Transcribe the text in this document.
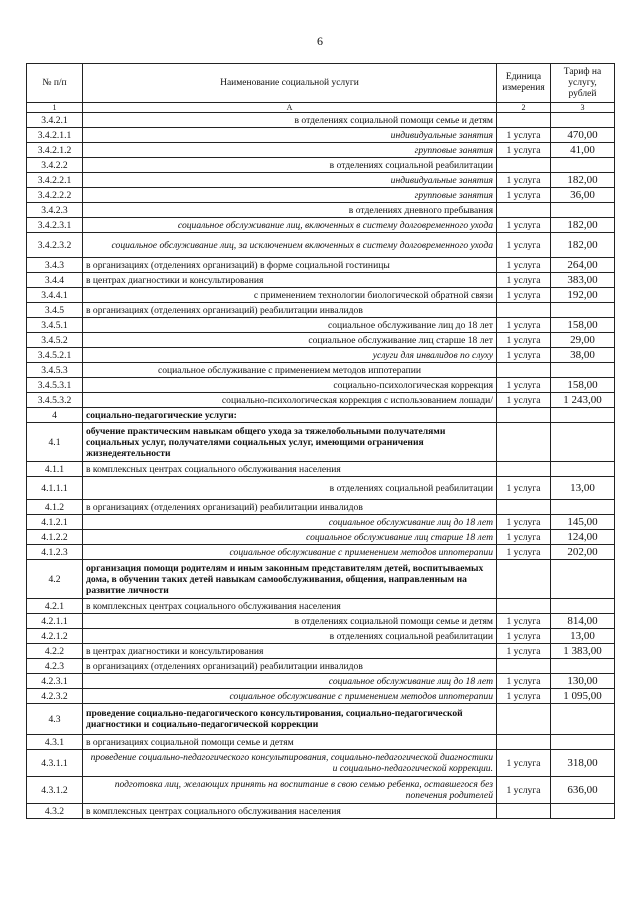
6
№ п/п	Наименование социальной услуги	Единица измерения	Тариф на услугу, рублей
1	А	2	3
3.4.2.1	в отделениях социальной помощи семье и детям		
3.4.2.1.1	индивидуальные занятия	1 услуга	470,00
3.4.2.1.2	групповые занятия	1 услуга	41,00
3.4.2.2	в отделениях социальной реабилитации		
3.4.2.2.1	индивидуальные занятия	1 услуга	182,00
3.4.2.2.2	групповые занятия	1 услуга	36,00
3.4.2.3	в отделениях дневного пребывания		
3.4.2.3.1	социальное обслуживание лиц, включенных в систему долговременного ухода	1 услуга	182,00
3.4.2.3.2	социальное обслуживание лиц, за исключением включенных в систему долговременного ухода	1 услуга	182,00
3.4.3	в организациях (отделениях организаций) в форме социальной гостиницы	1 услуга	264,00
3.4.4	в центрах диагностики и консультирования	1 услуга	383,00
3.4.4.1	с применением технологии биологической обратной связи	1 услуга	192,00
3.4.5	в организациях (отделениях организаций) реабилитации инвалидов		
3.4.5.1	социальное обслуживание лиц до 18 лет	1 услуга	158,00
3.4.5.2	социальное обслуживание лиц старше 18 лет	1 услуга	29,00
3.4.5.2.1	услуги для инвалидов по слуху	1 услуга	38,00
3.4.5.3	социальное обслуживание с применением методов иппотерапии		
3.4.5.3.1	социально-психологическая коррекция	1 услуга	158,00
3.4.5.3.2	социально-психологическая коррекция с использованием лошади/	1 услуга	1 243,00
4	социально-педагогические услуги:		
4.1	обучение практическим навыкам общего ухода за тяжелобольными получателями социальных услуг, получателями социальных услуг, имеющими ограничения жизнедеятельности		
4.1.1	в комплексных центрах социального обслуживания населения		
4.1.1.1	в отделениях социальной реабилитации	1 услуга	13,00
4.1.2	в организациях (отделениях организаций) реабилитации инвалидов		
4.1.2.1	социальное обслуживание лиц до 18 лет	1 услуга	145,00
4.1.2.2	социальное обслуживание лиц старше 18 лет	1 услуга	124,00
4.1.2.3	социальное обслуживание с применением методов иппотерапии	1 услуга	202,00
4.2	организация помощи родителям и иным законным представителям детей, воспитываемых дома, в обучении таких детей навыкам самообслуживания, общения, направленным на развитие личности		
4.2.1	в комплексных центрах социального обслуживания населения		
4.2.1.1	в отделениях социальной помощи семье и детям	1 услуга	814,00
4.2.1.2	в отделениях социальной реабилитации	1 услуга	13,00
4.2.2	в центрах диагностики и консультирования	1 услуга	1 383,00
4.2.3	в организациях (отделениях организаций) реабилитации инвалидов		
4.2.3.1	социальное обслуживание лиц до 18 лет	1 услуга	130,00
4.2.3.2	социальное обслуживание с применением методов иппотерапии	1 услуга	1 095,00
4.3	проведение социально-педагогического консультирования, социально-педагогической диагностики и социально-педагогической коррекции		
4.3.1	в организациях социальной помощи семье и детям		
4.3.1.1	проведение социально-педагогического консультирования, социально-педагогической диагностики и социально-педагогической коррекции.	1 услуга	318,00
4.3.1.2	подготовка лиц, желающих принять на воспитание в свою семью ребенка, оставшегося без попечения родителей	1 услуга	636,00
4.3.2	в комплексных центрах социального обслуживания населения		
